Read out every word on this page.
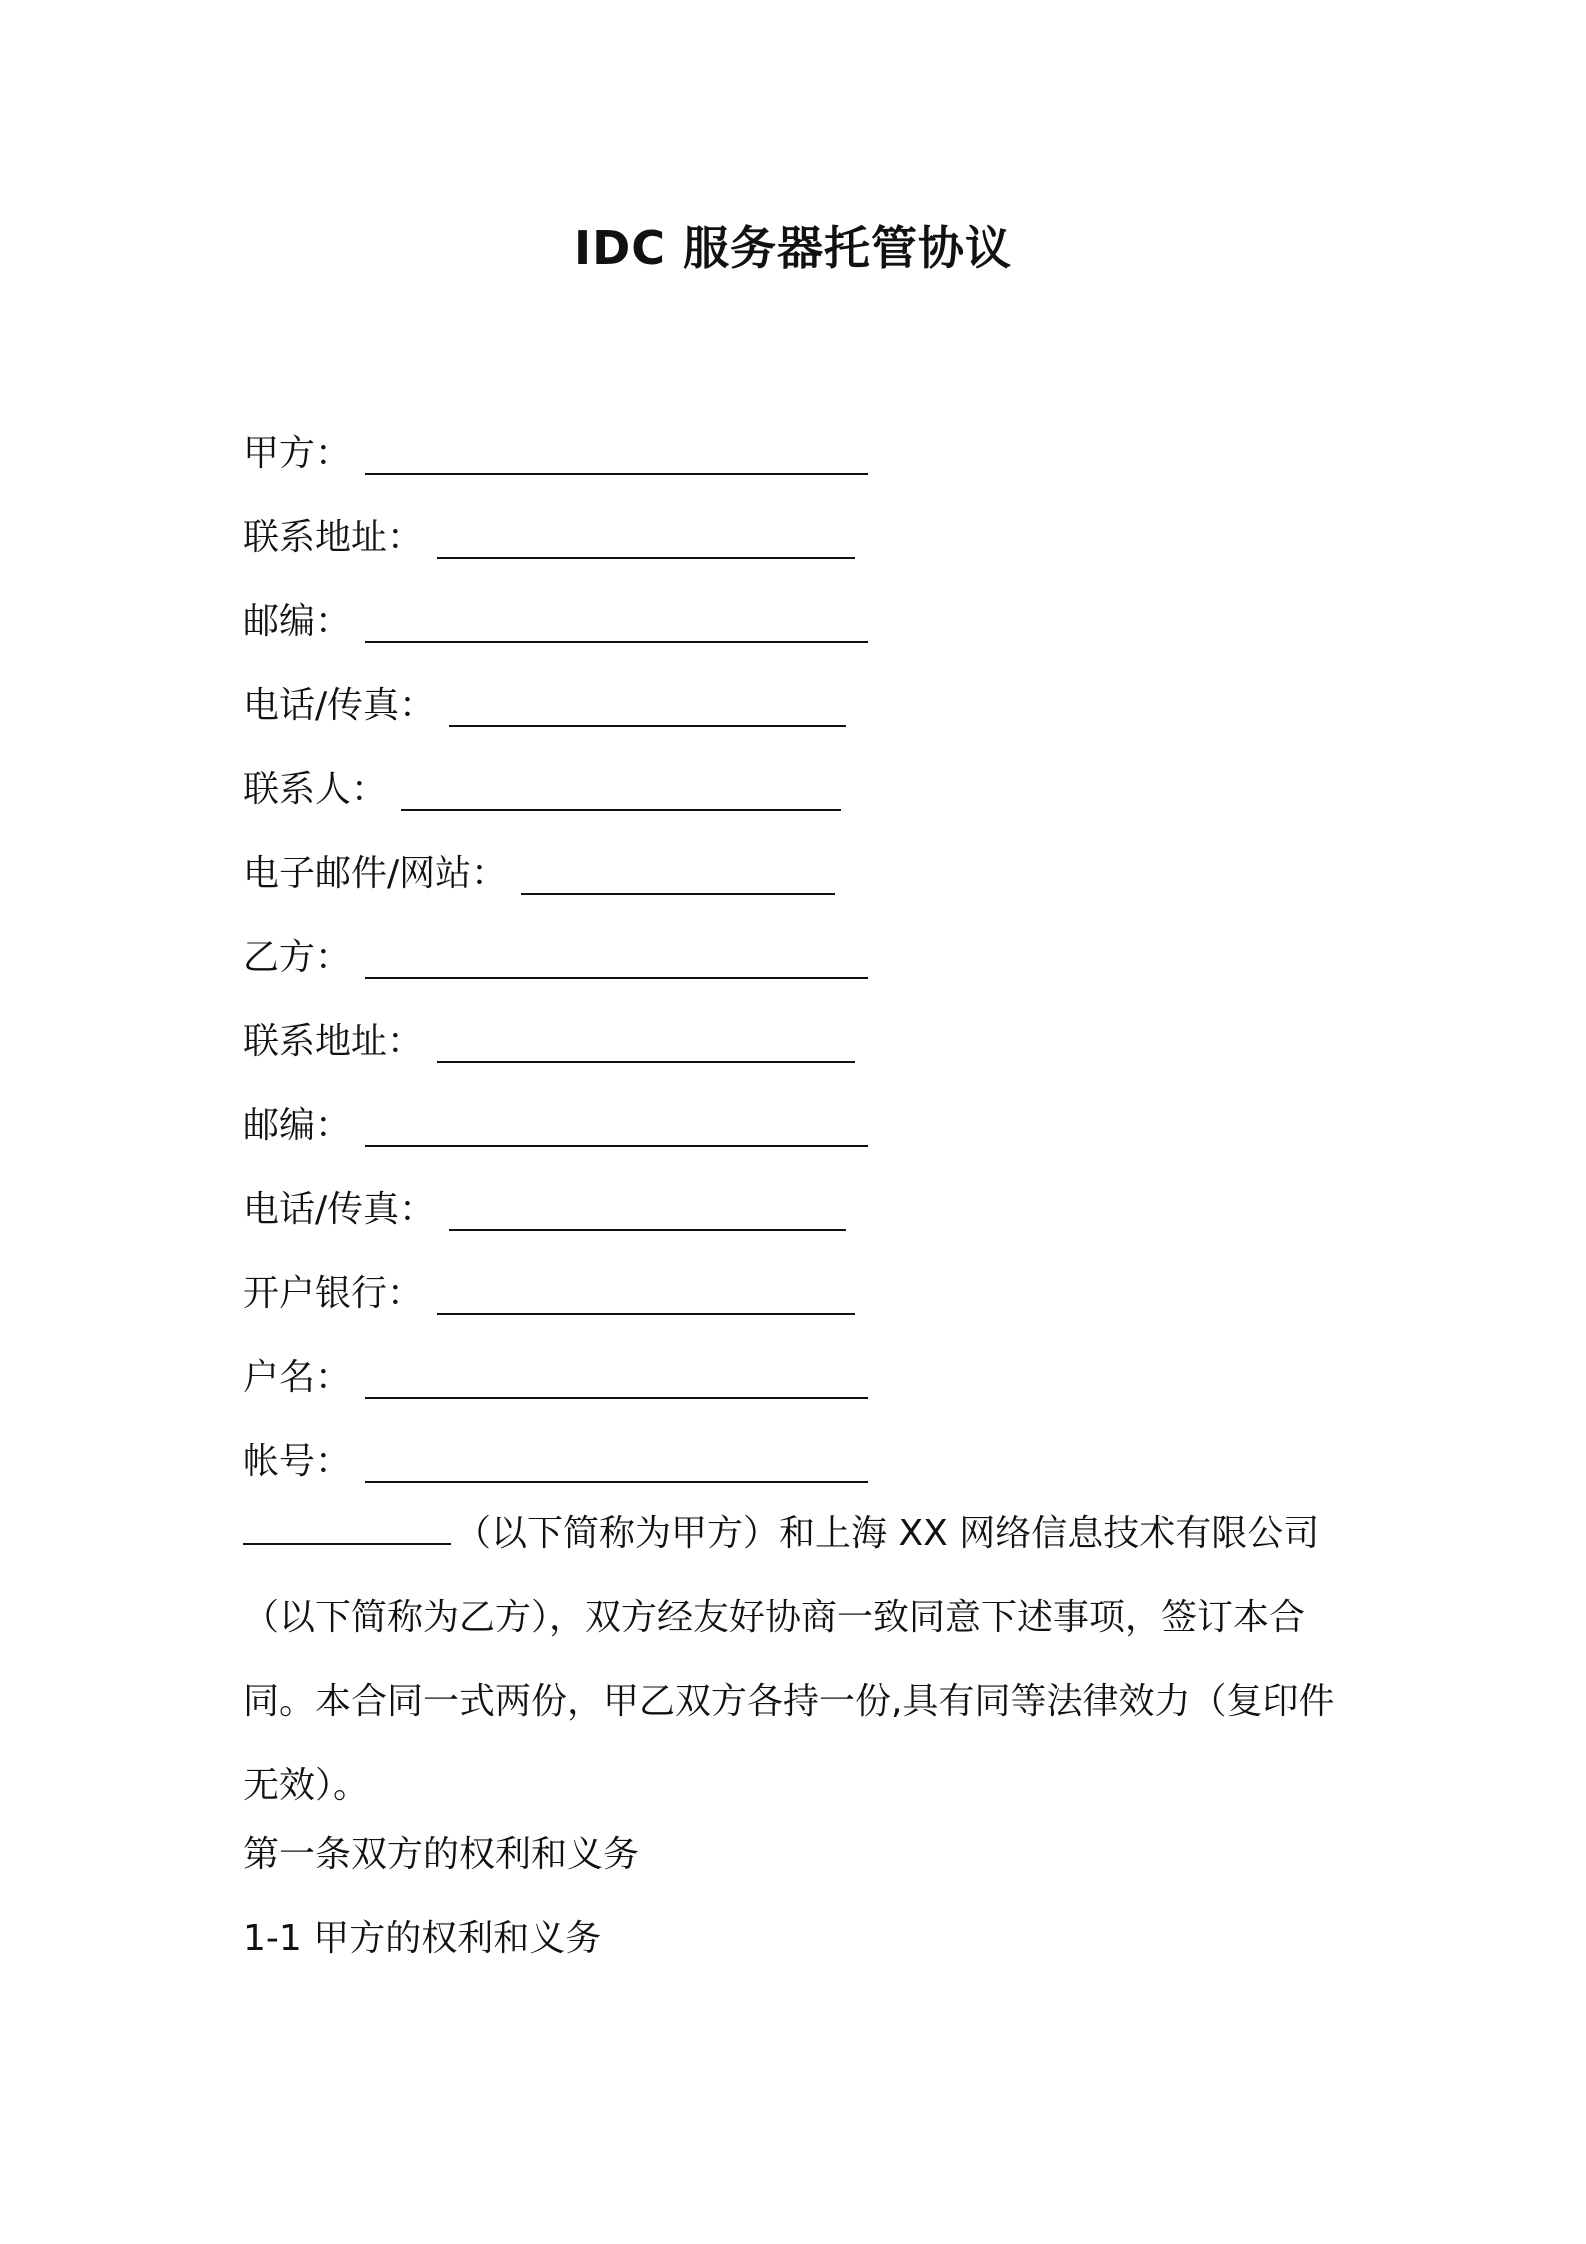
IDC 服务器托管协议
甲方 ：
联系地址 ：
邮编 ：
电话/传真 ：
联系人 ：
电子邮件/网站 ：
乙方 ：
联系地址 ：
邮编 ：
电话/传真 ：
开户银行 ：
户名 ：
帐号 ：
（以下简称为甲方）和上海 XX 网络信息技术有限公司（以下简称为乙方），双方经友好协商一致同意下述事项，签订本合同。本合同一式两份，甲乙双方各持一份,具有同等法律效力（复印件无效）。
第一条双方的权利和义务
1-1 甲方的权利和义务
